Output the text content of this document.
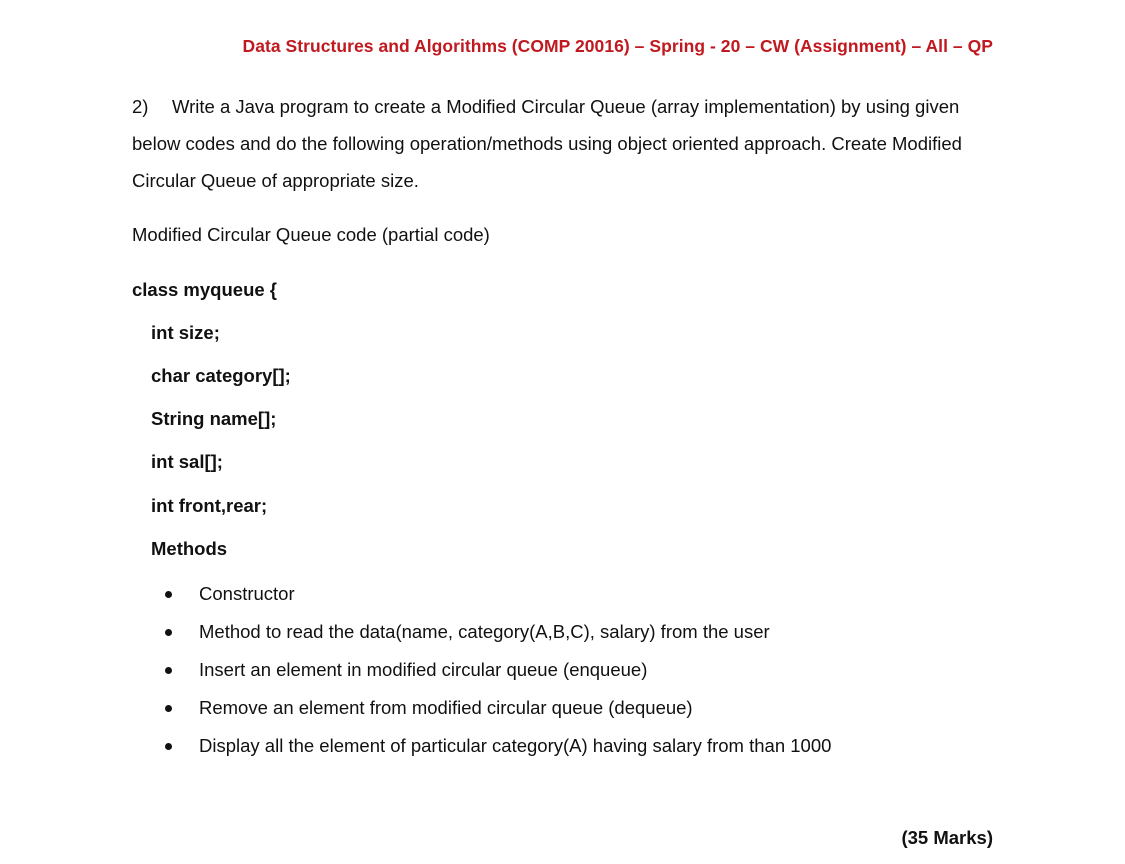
Data Structures and Algorithms (COMP 20016) – Spring - 20 – CW (Assignment) – All – QP
2) Write a Java program to create a Modified Circular Queue (array implementation) by using given below codes and do the following operation/methods using object oriented approach. Create Modified Circular Queue of appropriate size.
Modified Circular Queue code (partial code)
class myqueue {
int size;
char category[];
String name[];
int sal[];
int front,rear;
Methods
Constructor
Method to read the data(name, category(A,B,C), salary) from the user
Insert an element in modified circular queue (enqueue)
Remove an element from modified circular queue (dequeue)
Display all the element of particular category(A) having salary from than 1000
(35 Marks)
